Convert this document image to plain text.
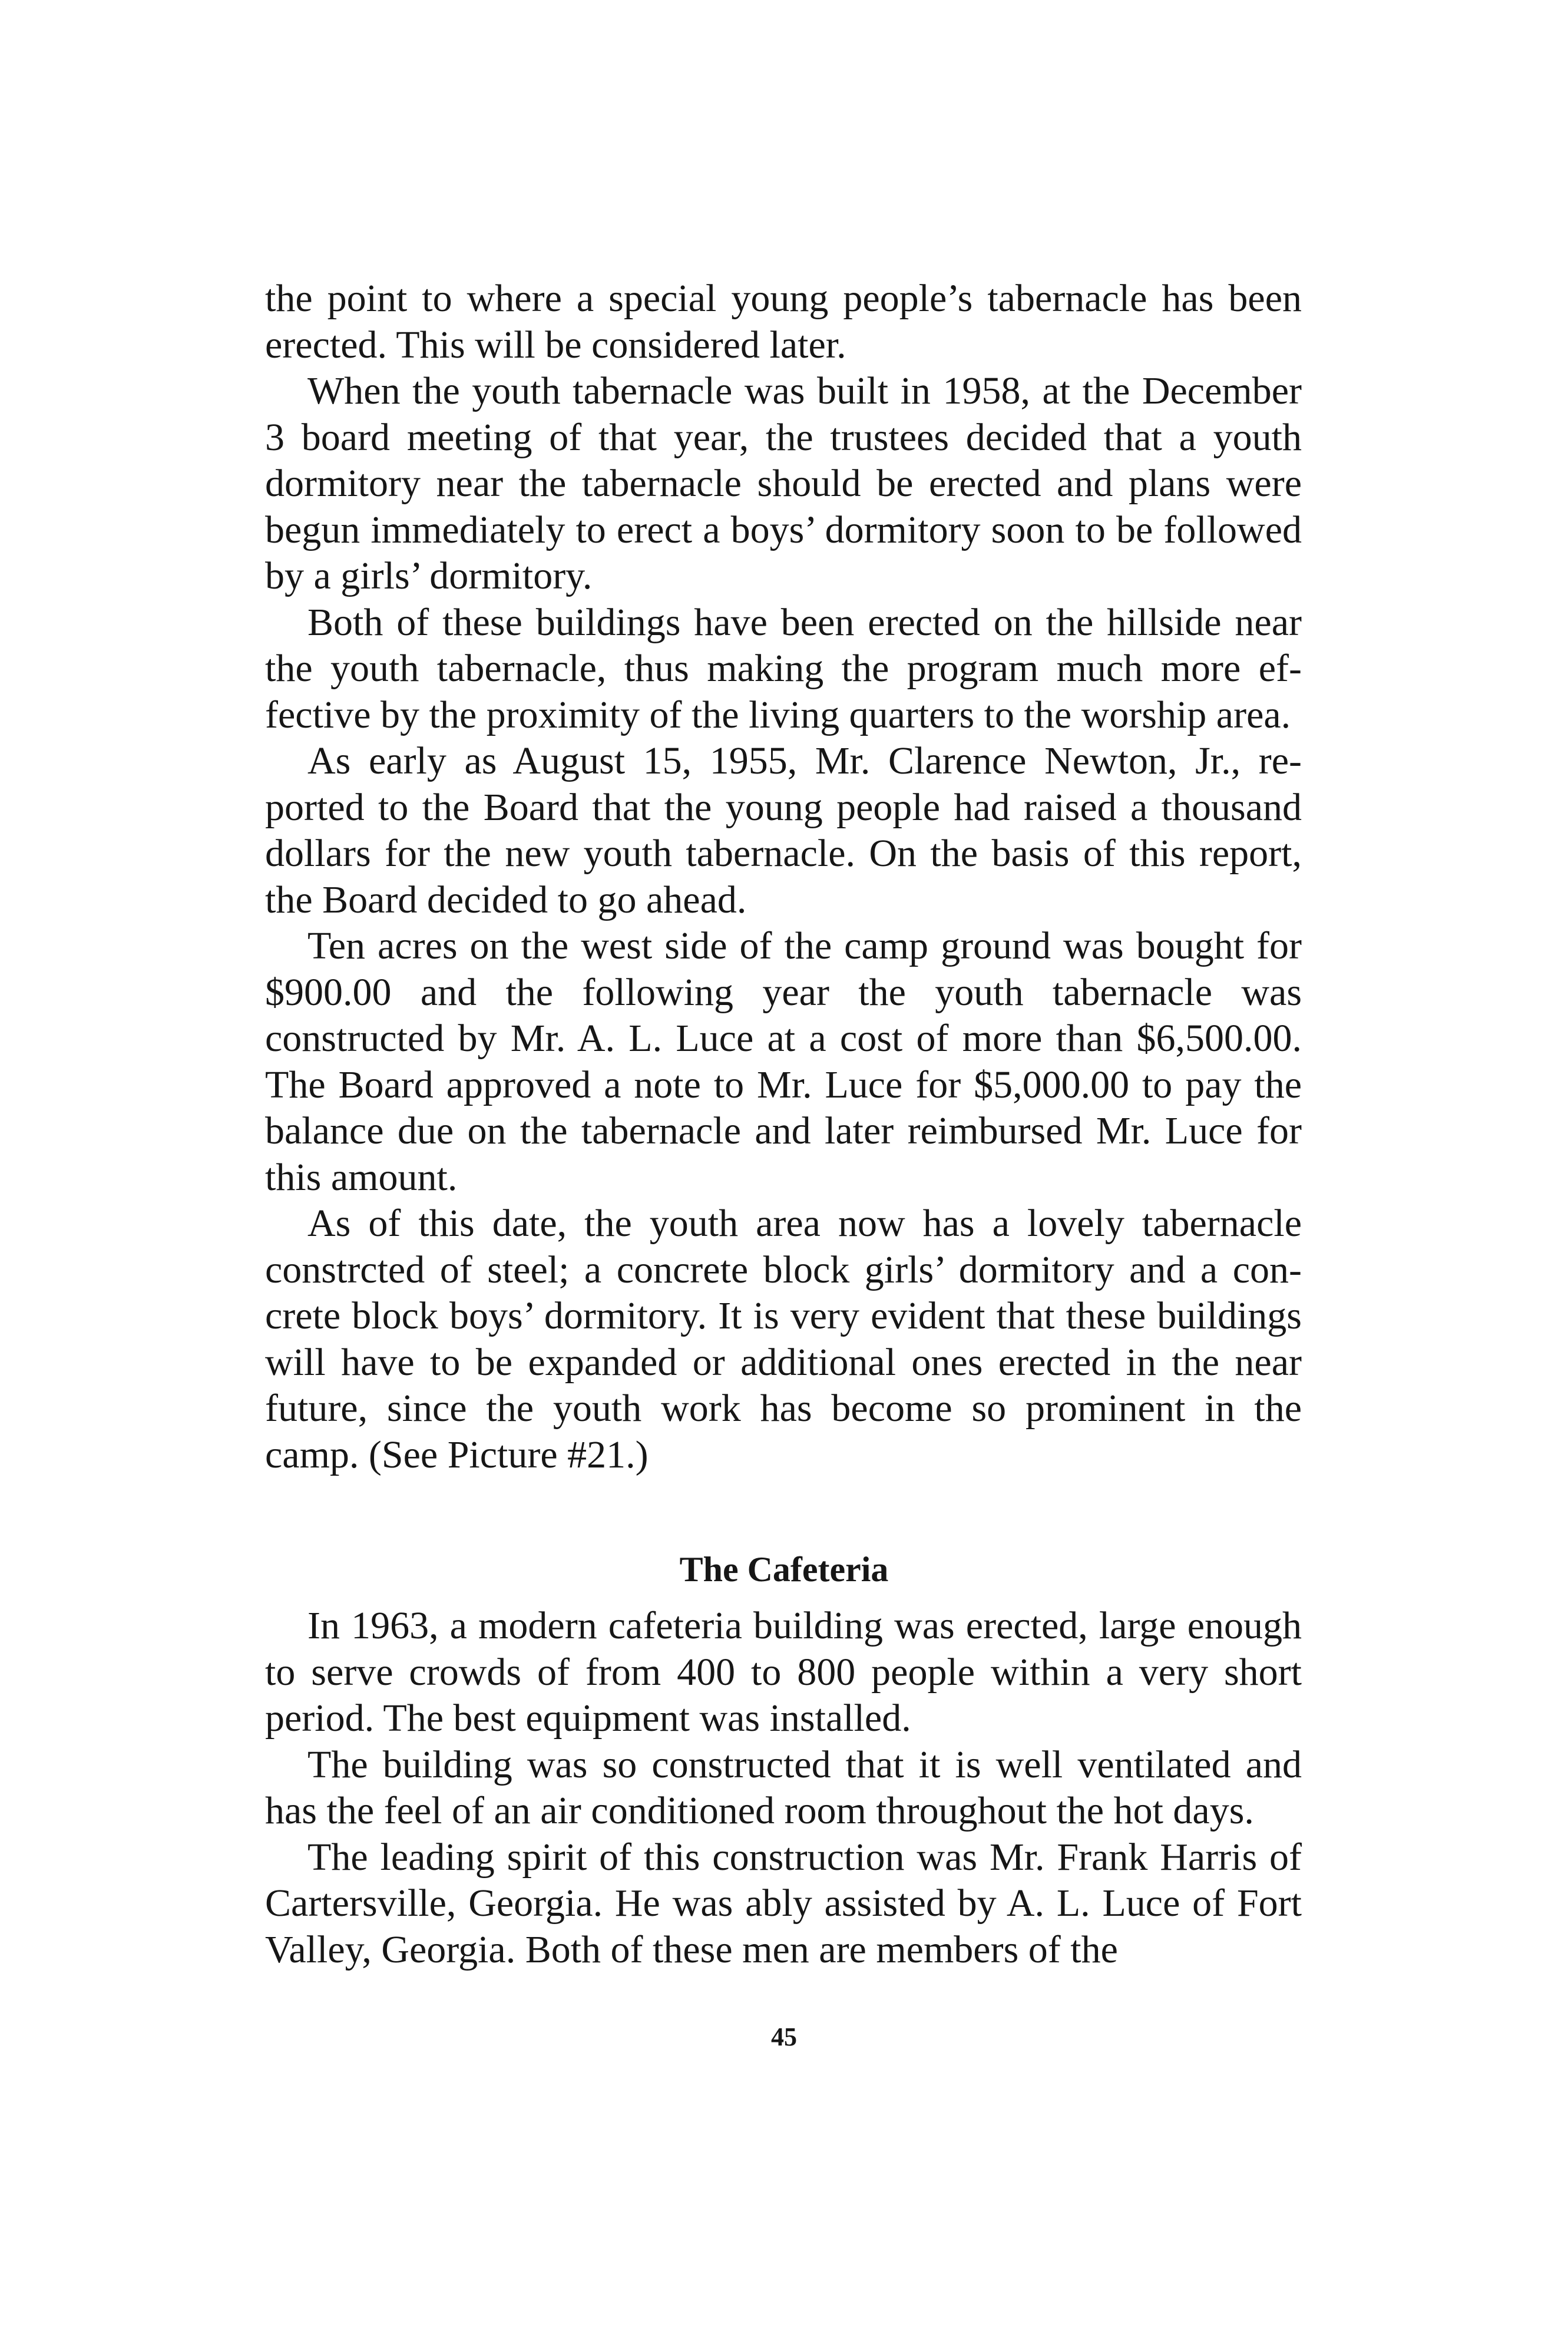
the point to where a special young people’s tabernacle has been erected. This will be considered later.

When the youth tabernacle was built in 1958, at the December 3 board meeting of that year, the trustees decided that a youth dormitory near the tabernacle should be erected and plans were begun immediately to erect a boys’ dormitory soon to be followed by a girls’ dormitory.

Both of these buildings have been erected on the hillside near the youth tabernacle, thus making the program much more effective by the proximity of the living quarters to the worship area.

As early as August 15, 1955, Mr. Clarence Newton, Jr., reported to the Board that the young people had raised a thousand dollars for the new youth tabernacle. On the basis of this report, the Board decided to go ahead.

Ten acres on the west side of the camp ground was bought for $900.00 and the following year the youth tabernacle was constructed by Mr. A. L. Luce at a cost of more than $6,500.00. The Board approved a note to Mr. Luce for $5,000.00 to pay the balance due on the tabernacle and later reimbursed Mr. Luce for this amount.

As of this date, the youth area now has a lovely tabernacle constrcted of steel; a concrete block girls’ dormitory and a concrete block boys’ dormitory. It is very evident that these buildings will have to be expanded or additional ones erected in the near future, since the youth work has become so prominent in the camp. (See Picture #21.)

The Cafeteria

In 1963, a modern cafeteria building was erected, large enough to serve crowds of from 400 to 800 people within a very short period. The best equipment was installed.

The building was so constructed that it is well ventilated and has the feel of an air conditioned room throughout the hot days.

The leading spirit of this construction was Mr. Frank Harris of Cartersville, Georgia. He was ably assisted by A. L. Luce of Fort Valley, Georgia. Both of these men are members of the

45
